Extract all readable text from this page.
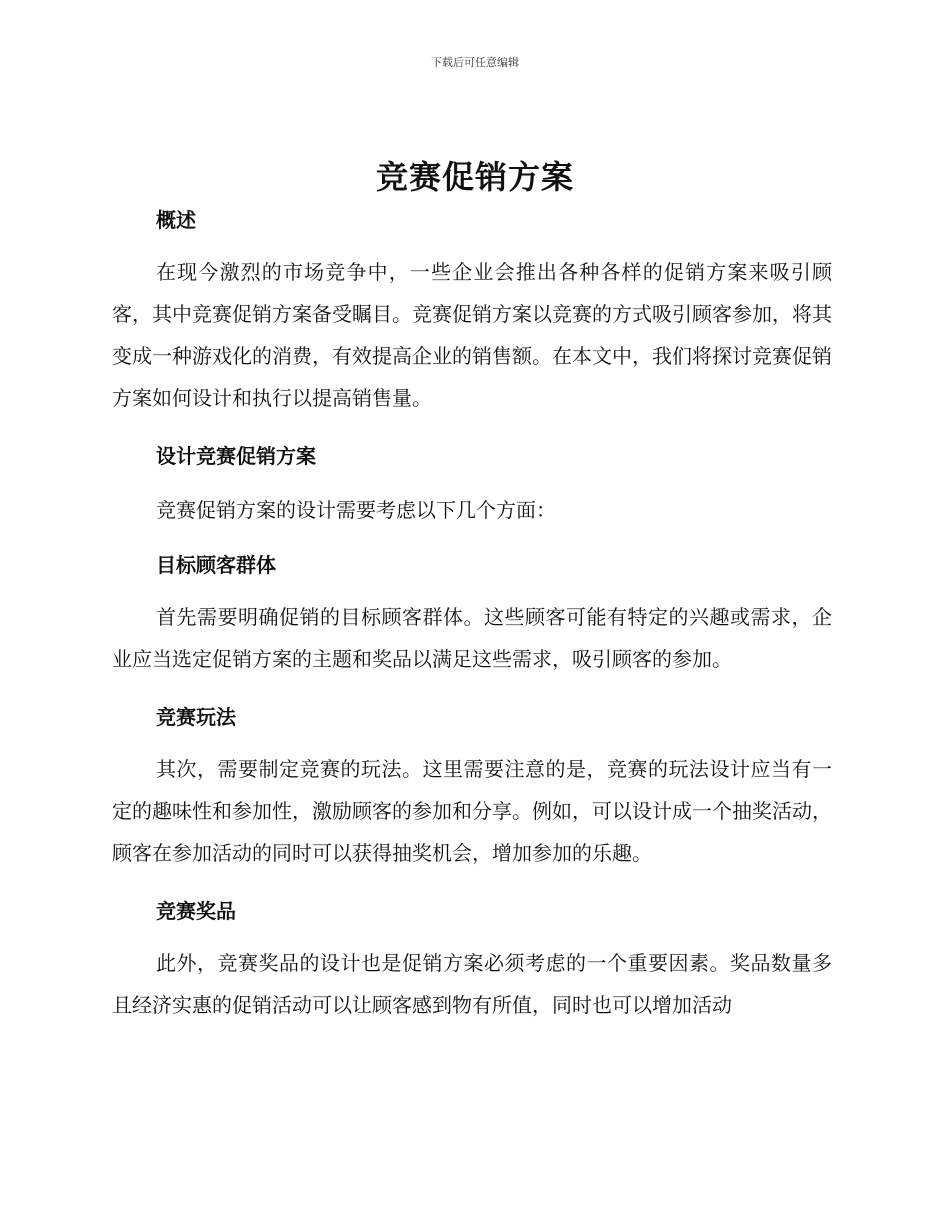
下载后可任意编辑
竞赛促销方案
概述

在现今激烈的市场竞争中，一些企业会推出各种各样的促销方案来吸引顾客，其中竞赛促销方案备受瞩目。竞赛促销方案以竞赛的方式吸引顾客参加，将其变成一种游戏化的消费，有效提高企业的销售额。在本文中，我们将探讨竞赛促销方案如何设计和执行以提高销售量。

设计竞赛促销方案

竞赛促销方案的设计需要考虑以下几个方面：

目标顾客群体

首先需要明确促销的目标顾客群体。这些顾客可能有特定的兴趣或需求，企业应当选定促销方案的主题和奖品以满足这些需求，吸引顾客的参加。

竞赛玩法

其次，需要制定竞赛的玩法。这里需要注意的是，竞赛的玩法设计应当有一定的趣味性和参加性，激励顾客的参加和分享。例如，可以设计成一个抽奖活动，顾客在参加活动的同时可以获得抽奖机会，增加参加的乐趣。

竞赛奖品

此外，竞赛奖品的设计也是促销方案必须考虑的一个重要因素。奖品数量多且经济实惠的促销活动可以让顾客感到物有所值，同时也可以增加活动
